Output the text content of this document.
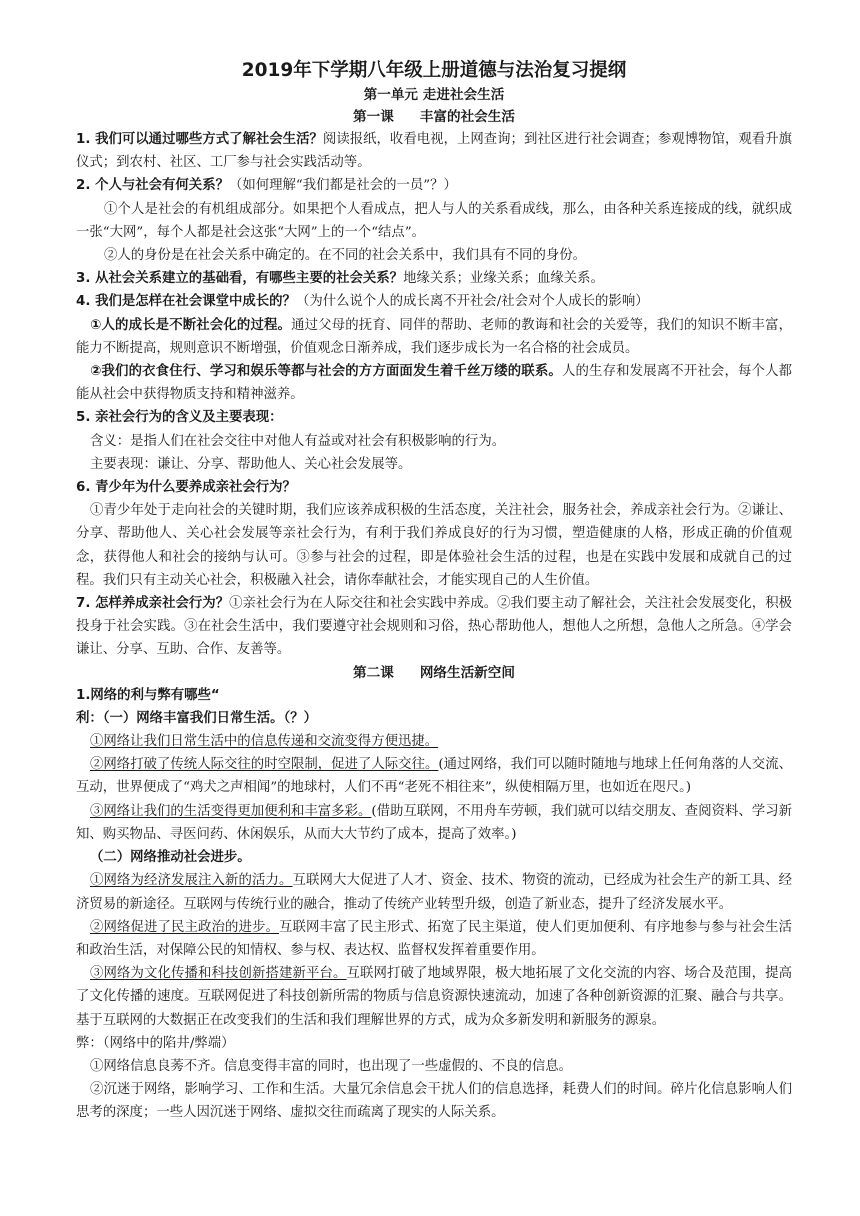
2019年下学期八年级上册道德与法治复习提纲
第一单元 走进社会生活
第一课 丰富的社会生活

1. 我们可以通过哪些方式了解社会生活？阅读报纸，收看电视，上网查询；到社区进行社会调查；参观博物馆，观看升旗仪式；到农村、社区、工厂参与社会实践活动等。

2. 个人与社会有何关系？（如何理解“我们都是社会的一员”？）

①个人是社会的有机组成部分。如果把个人看成点，把人与人的关系看成线，那么，由各种关系连接成的线，就织成一张“大网”，每个人都是社会这张“大网”上的一个“结点”。

②人的身份是在社会关系中确定的。在不同的社会关系中，我们具有不同的身份。

3. 从社会关系建立的基础看，有哪些主要的社会关系？地缘关系；业缘关系；血缘关系。

4. 我们是怎样在社会课堂中成长的？（为什么说个人的成长离不开社会/社会对个人成长的影响）

①人的成长是不断社会化的过程。通过父母的抚育、同伴的帮助、老师的教诲和社会的关爱等，我们的知识不断丰富，能力不断提高，规则意识不断增强，价值观念日渐养成，我们逐步成长为一名合格的社会成员。

②我们的衣食住行、学习和娱乐等都与社会的方方面面发生着千丝万缕的联系。人的生存和发展离不开社会，每个人都能从社会中获得物质支持和精神滋养。

5. 亲社会行为的含义及主要表现：

含义：是指人们在社会交往中对他人有益或对社会有积极影响的行为。

主要表现：谦让、分享、帮助他人、关心社会发展等。

6. 青少年为什么要养成亲社会行为？

①青少年处于走向社会的关键时期，我们应该养成积极的生活态度，关注社会，服务社会，养成亲社会行为。②谦让、分享、帮助他人、关心社会发展等亲社会行为，有利于我们养成良好的行为习惯，塑造健康的人格，形成正确的价值观念，获得他人和社会的接纳与认可。③参与社会的过程，即是体验社会生活的过程，也是在实践中发展和成就自己的过程。我们只有主动关心社会，积极融入社会，请你奉献社会，才能实现自己的人生价值。

7. 怎样养成亲社会行为？①亲社会行为在人际交往和社会实践中养成。②我们要主动了解社会，关注社会发展变化，积极投身于社会实践。③在社会生活中，我们要遵守社会规则和习俗，热心帮助他人，想他人之所想，急他人之所急。④学会谦让、分享、互助、合作、友善等。

第二课 网络生活新空间

1.网络的利与弊有哪些“

利：（一）网络丰富我们日常生活。（？）

①网络让我们日常生活中的信息传递和交流变得方便迅捷。

②网络打破了传统人际交往的时空限制，促进了人际交往。(通过网络，我们可以随时随地与地球上任何角落的人交流、互动，世界便成了“鸡犬之声相闻”的地球村，人们不再“老死不相往来”，纵使相隔万里，也如近在咫尺。)

③网络让我们的生活变得更加便利和丰富多彩。(借助互联网，不用舟车劳顿，我们就可以结交朋友、查阅资料、学习新知、购买物品、寻医问药、休闲娱乐，从而大大节约了成本，提高了效率。)

（二）网络推动社会进步。

①网络为经济发展注入新的活力。互联网大大促进了人才、资金、技术、物资的流动，已经成为社会生产的新工具、经济贸易的新途径。互联网与传统行业的融合，推动了传统产业转型升级，创造了新业态，提升了经济发展水平。

②网络促进了民主政治的进步。互联网丰富了民主形式、拓宽了民主渠道，使人们更加便利、有序地参与参与社会生活和政治生活，对保障公民的知情权、参与权、表达权、监督权发挥着重要作用。

③网络为文化传播和科技创新搭建新平台。互联网打破了地域界限，极大地拓展了文化交流的内容、场合及范围，提高了文化传播的速度。互联网促进了科技创新所需的物质与信息资源快速流动，加速了各种创新资源的汇聚、融合与共享。基于互联网的大数据正在改变我们的生活和我们理解世界的方式，成为众多新发明和新服务的源泉。

弊：（网络中的陷井/弊端）

①网络信息良莠不齐。信息变得丰富的同时，也出现了一些虚假的、不良的信息。

②沉迷于网络，影响学习、工作和生活。大量冗余信息会干扰人们的信息选择，耗费人们的时间。碎片化信息影响人们思考的深度；一些人因沉迷于网络、虚拟交往而疏离了现实的人际关系。
